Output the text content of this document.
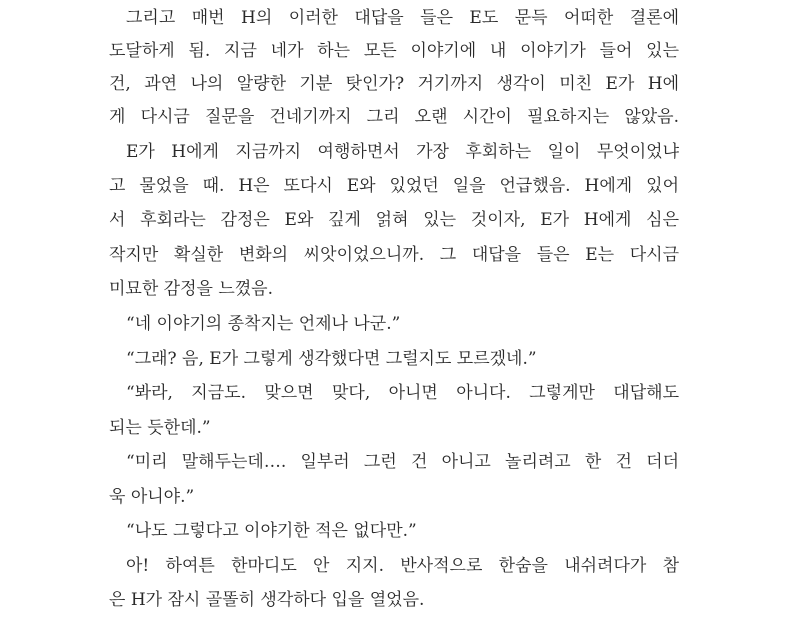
그리고 매번 H의 이러한 대답을 들은 E도 문득 어떠한 결론에
도달하게 됨. 지금 네가 하는 모든 이야기에 내 이야기가 들어 있는
건, 과연 나의 알량한 기분 탓인가? 거기까지 생각이 미친 E가 H에
게 다시금 질문을 건네기까지 그리 오랜 시간이 필요하지는 않았음.
E가 H에게 지금까지 여행하면서 가장 후회하는 일이 무엇이었냐
고 물었을 때. H은 또다시 E와 있었던 일을 언급했음. H에게 있어
서 후회라는 감정은 E와 깊게 얽혀 있는 것이자, E가 H에게 심은
작지만 확실한 변화의 씨앗이었으니까. 그 대답을 들은 E는 다시금
미묘한 감정을 느꼈음.
“네 이야기의 종착지는 언제나 나군.”
“그래? 음, E가 그렇게 생각했다면 그럴지도 모르겠네.”
“봐라, 지금도. 맞으면 맞다, 아니면 아니다. 그렇게만 대답해도
되는 듯한데.”
“미리 말해두는데…. 일부러 그런 건 아니고 놀리려고 한 건 더더
욱 아니야.”
“나도 그렇다고 이야기한 적은 없다만.”
아! 하여튼 한마디도 안 지지. 반사적으로 한숨을 내쉬려다가 참
은 H가 잠시 골똘히 생각하다 입을 열었음.
